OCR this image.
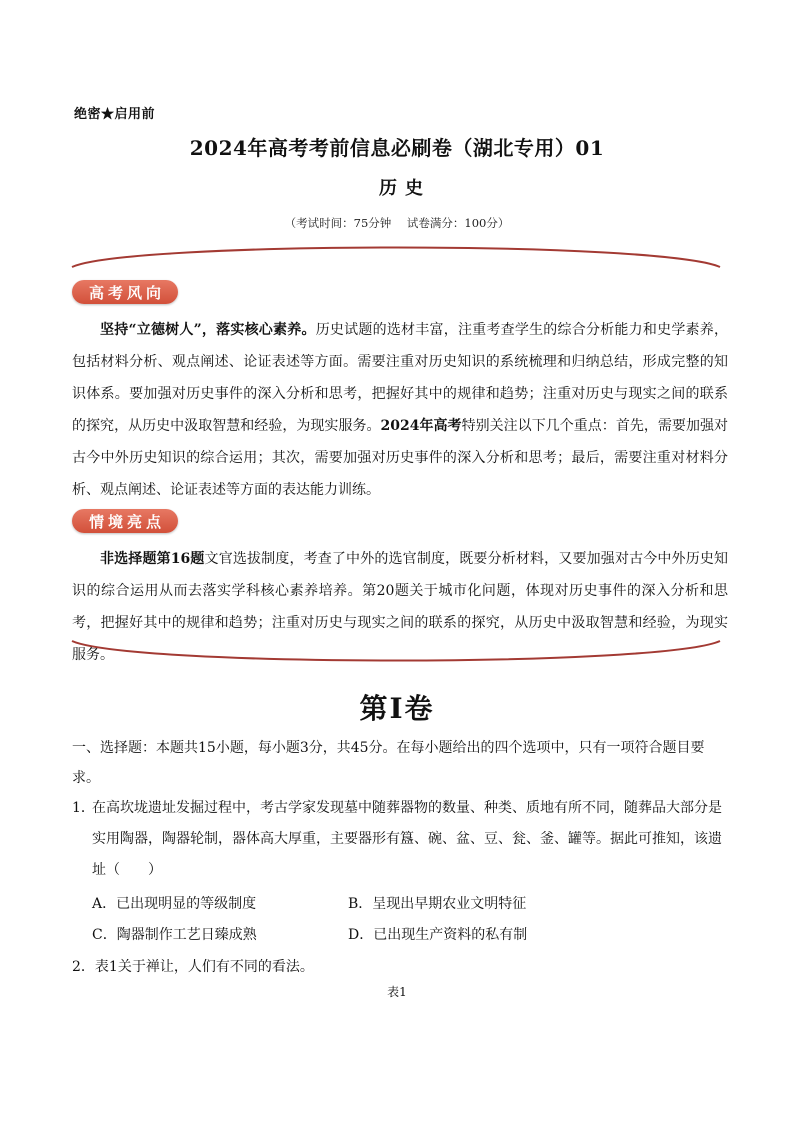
绝密★启用前
2024年高考考前信息必刷卷（湖北专用）01
历史
（考试时间：75分钟 试卷满分：100分）
高考风向
坚持“立德树人”，落实核心素养。历史试题的选材丰富，注重考查学生的综合分析能力和史学素养，包括材料分析、观点阐述、论证表述等方面。需要注重对历史知识的系统梳理和归纳总结，形成完整的知识体系。要加强对历史事件的深入分析和思考，把握好其中的规律和趋势；注重对历史与现实之间的联系的探究，从历史中汲取智慧和经验，为现实服务。2024年高考特别关注以下几个重点：首先，需要加强对古今中外历史知识的综合运用；其次，需要加强对历史事件的深入分析和思考；最后，需要注重对材料分析、观点阐述、论证表述等方面的表达能力训练。
情境亮点
非选择题第16题文官选拔制度，考查了中外的选官制度，既要分析材料，又要加强对古今中外历史知识的综合运用从而去落实学科核心素养培养。第20题关于城市化问题，体现对历史事件的深入分析和思考，把握好其中的规律和趋势；注重对历史与现实之间的联系的探究，从历史中汲取智慧和经验，为现实服务。
第Ⅰ卷
一、选择题：本题共15小题，每小题3分，共45分。在每小题给出的四个选项中，只有一项符合题目要求。
1．
在高坎垅遗址发掘过程中，考古学家发现墓中随葬器物的数量、种类、质地有所不同，随葬品大部分是实用陶器，陶器轮制，器体高大厚重，主要器形有簋、碗、盆、豆、瓮、釜、罐等。据此可推知，该遗址（　　）
A．已出现明显的等级制度	B．呈现出早期农业文明特征
C．陶器制作工艺日臻成熟	D．已出现生产资料的私有制
2．表1关于禅让，人们有不同的看法。
表1
